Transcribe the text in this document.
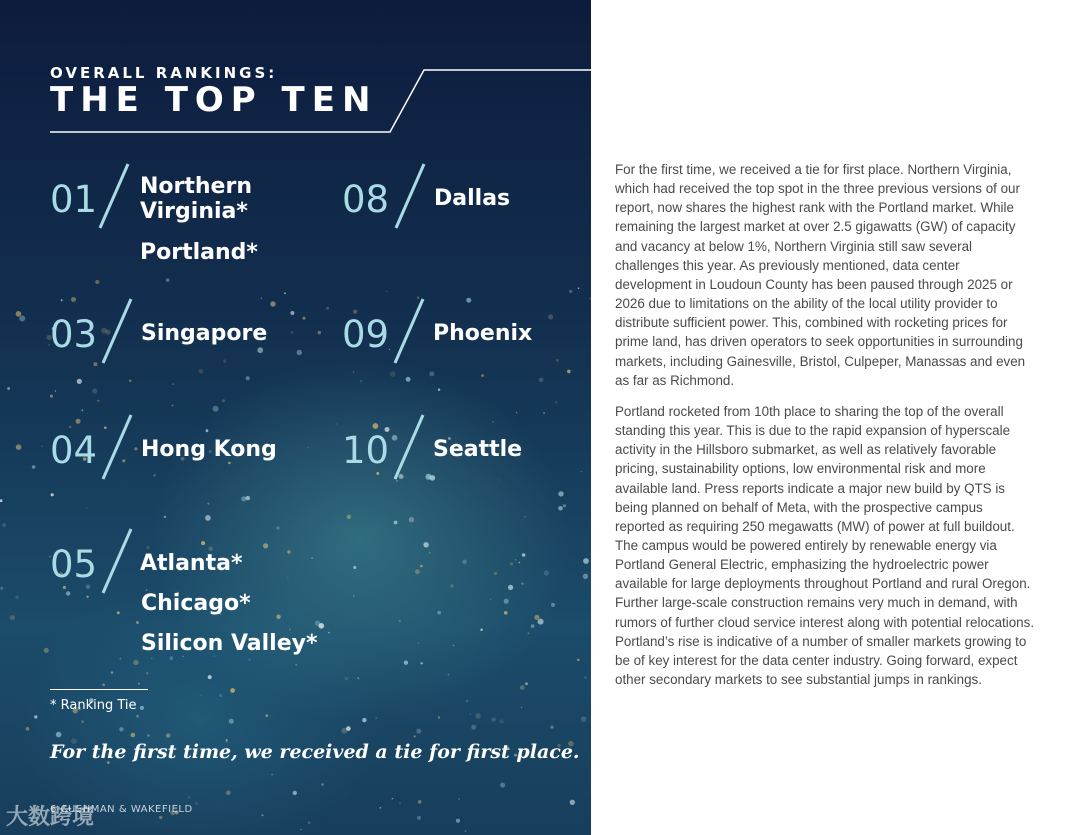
OVERALL RANKINGS:
THE TOP TEN
01 Northern
Virginia*
Portland*
03 Singapore
04 Hong Kong
05 Atlanta*
Chicago*
Silicon Valley*
08 Dallas
09 Phoenix
10 Seattle
* Ranking Tie
For the first time, we received a tie for first place.
6 CUSHMAN & WAKEFIELD
大数跨境

For the first time, we received a tie for first place. Northern Virginia, which had received the top spot in the three previous versions of our report, now shares the highest rank with the Portland market. While remaining the largest market at over 2.5 gigawatts (GW) of capacity and vacancy at below 1%, Northern Virginia still saw several challenges this year. As previously mentioned, data center development in Loudoun County has been paused through 2025 or 2026 due to limitations on the ability of the local utility provider to distribute sufficient power. This, combined with rocketing prices for prime land, has driven operators to seek opportunities in surrounding markets, including Gainesville, Bristol, Culpeper, Manassas and even as far as Richmond.

Portland rocketed from 10th place to sharing the top of the overall standing this year. This is due to the rapid expansion of hyperscale activity in the Hillsboro submarket, as well as relatively favorable pricing, sustainability options, low environmental risk and more available land. Press reports indicate a major new build by QTS is being planned on behalf of Meta, with the prospective campus reported as requiring 250 megawatts (MW) of power at full buildout. The campus would be powered entirely by renewable energy via Portland General Electric, emphasizing the hydroelectric power available for large deployments throughout Portland and rural Oregon. Further large-scale construction remains very much in demand, with rumors of further cloud service interest along with potential relocations. Portland’s rise is indicative of a number of smaller markets growing to be of key interest for the data center industry. Going forward, expect other secondary markets to see substantial jumps in rankings.
